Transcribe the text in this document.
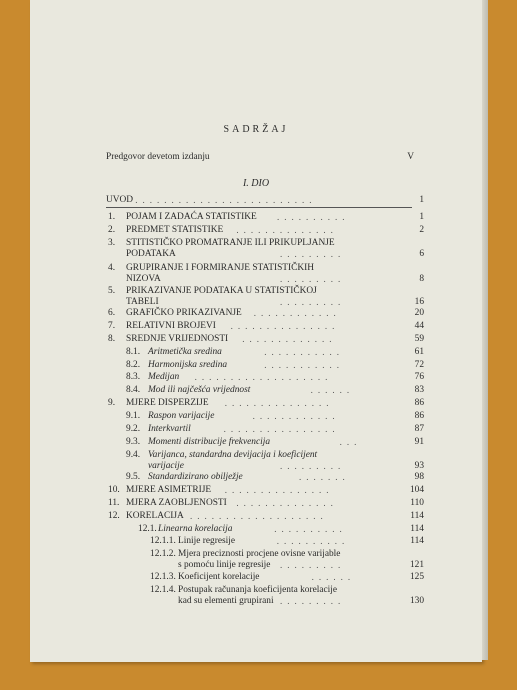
SADRŽAJ
Predgovor devetom izdanju	V
I. DIO
UVOD .........................	1
1. POJAM I ZADAĆA STATISTIKE ..........	1
2. PREDMET STATISTIKE ..............	2
3. STITISTIČKO PROMATRANJE ILI PRIKUPLJANJE
PODATAKA	.........	6
4. GRUPIRANJE I FORMIRANJE STATISTIČKIH
NIZOVA	.........	8
5. PRIKAZIVANJE PODATAKA U STATISTIČKOJ
TABELI	.........	16
6. GRAFIČKO PRIKAZIVANJE ............	20
7. RELATIVNI BROJEVI ...............	44
8. SREDNJE VRIJEDNOSTI .............	59
8.1. Aritmetička sredina	...........	61
8.2. Harmonijska sredina	...........	72
8.3. Medijan ...................	76
8.4. Mod ili najčešća vrijednost	......	83
9. MJERE DISPERZIJE ...............	86
9.1. Raspon varijacije	............	86
9.2. Interkvartil	................	87
9.3. Momenti distribucije frekvencija	...	91
9.4. Varijanca, standardna devijacija i koeficijent
varijacije	.........	93
9.5. Standardizirano obilježje	.......	98
10. MJERE ASIMETRIJE ...............	104
11. MJERA ZAOBLJENOSTI ..............	110
12. KORELACIJA ...................	114
12.1. Linearna korelacija	..........	114
12.1.1. Linije regresije	..........	114
12.1.2. Mjera preciznosti procjene ovisne varijable
s pomoću linije regresije .........	121
12.1.3. Koeficijent korelacije	......	125
12.1.4. Postupak računanja koeficijenta korelacije
kad su elementi grupirani .........	130
